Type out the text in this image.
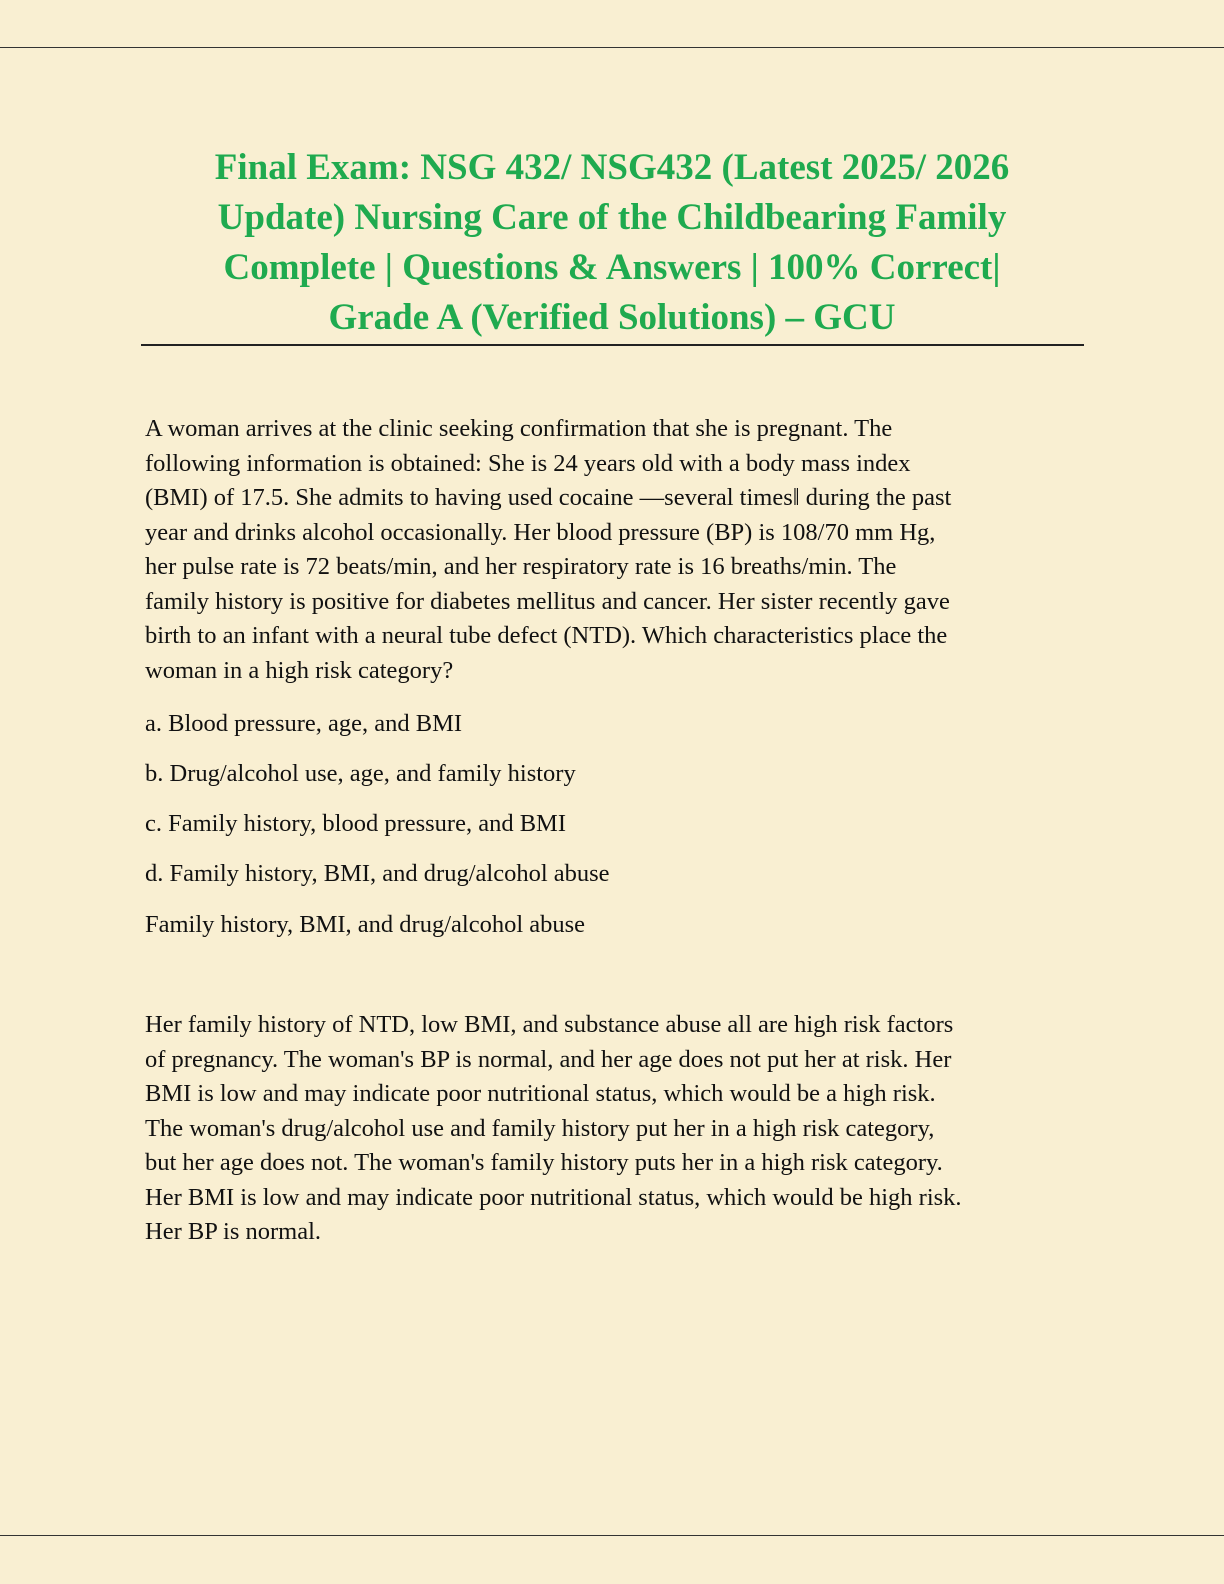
Final Exam: NSG 432/ NSG432 (Latest 2025/ 2026
Update) Nursing Care of the Childbearing Family
Complete | Questions & Answers | 100% Correct|
Grade A (Verified Solutions) – GCU

A woman arrives at the clinic seeking confirmation that she is pregnant. The
following information is obtained: She is 24 years old with a body mass index
(BMI) of 17.5. She admits to having used cocaine ―several times‖ during the past
year and drinks alcohol occasionally. Her blood pressure (BP) is 108/70 mm Hg,
her pulse rate is 72 beats/min, and her respiratory rate is 16 breaths/min. The
family history is positive for diabetes mellitus and cancer. Her sister recently gave
birth to an infant with a neural tube defect (NTD). Which characteristics place the
woman in a high risk category?

a. Blood pressure, age, and BMI

b. Drug/alcohol use, age, and family history

c. Family history, blood pressure, and BMI

d. Family history, BMI, and drug/alcohol abuse

Family history, BMI, and drug/alcohol abuse

Her family history of NTD, low BMI, and substance abuse all are high risk factors
of pregnancy. The woman's BP is normal, and her age does not put her at risk. Her
BMI is low and may indicate poor nutritional status, which would be a high risk.
The woman's drug/alcohol use and family history put her in a high risk category,
but her age does not. The woman's family history puts her in a high risk category.
Her BMI is low and may indicate poor nutritional status, which would be high risk.
Her BP is normal.
